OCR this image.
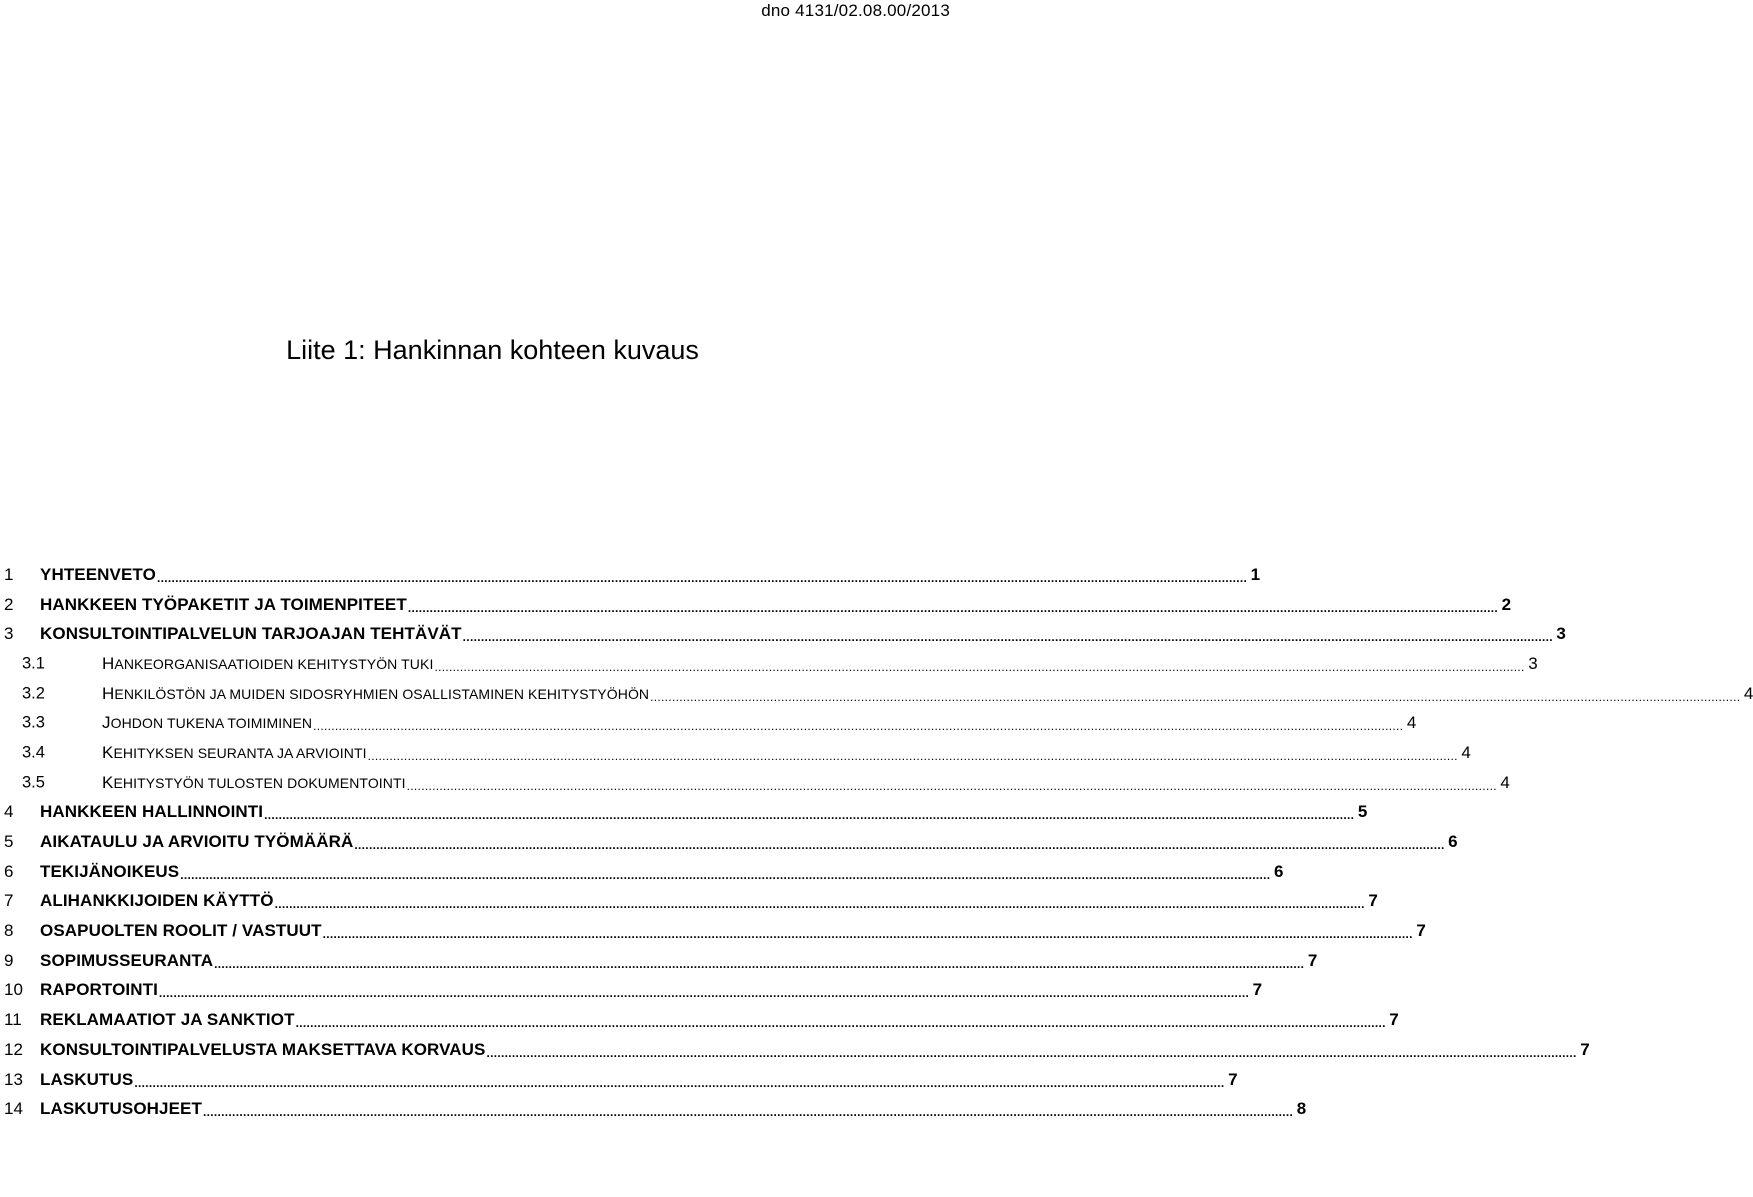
dno 4131/02.08.00/2013
Liite 1: Hankinnan kohteen kuvaus
1 YHTEENVETO ............................................................................................................................................................................................................................................................................................................ 1
2 HANKKEEN TYÖPAKETIT JA TOIMENPITEET ............................................................................................................................................................................................................................................................................................................ 2
3 KONSULTOINTIPALVELUN TARJOAJAN TEHTÄVÄT ............................................................................................................................................................................................................................................................................................................ 3
3.1	HANKEORGANISAATIOIDEN KEHITYSTYÖN TUKI ............................................................................................................................................................................................................................................................................................................ 3
3.2	HENKILÖSTÖN JA MUIDEN SIDOSRYHMIEN OSALLISTAMINEN KEHITYSTYÖHÖN ............................................................................................................................................................................................................................................................................................................ 4
3.3	JOHDON TUKENA TOIMIMINEN ............................................................................................................................................................................................................................................................................................................ 4
3.4	KEHITYKSEN SEURANTA JA ARVIOINTI ............................................................................................................................................................................................................................................................................................................ 4
3.5	KEHITYSTYÖN TULOSTEN DOKUMENTOINTI ............................................................................................................................................................................................................................................................................................................ 4
4 HANKKEEN HALLINNOINTI ............................................................................................................................................................................................................................................................................................................ 5
5 AIKATAULU JA ARVIOITU TYÖMÄÄRÄ ............................................................................................................................................................................................................................................................................................................ 6
6 TEKIJÄNOIKEUS ............................................................................................................................................................................................................................................................................................................ 6
7 ALIHANKKIJOIDEN KÄYTTÖ ............................................................................................................................................................................................................................................................................................................ 7
8 OSAPUOLTEN ROOLIT / VASTUUT ............................................................................................................................................................................................................................................................................................................ 7
9 SOPIMUSSEURANTA ............................................................................................................................................................................................................................................................................................................ 7
10 RAPORTOINTI ............................................................................................................................................................................................................................................................................................................ 7
11 REKLAMAATIOT JA SANKTIOT ............................................................................................................................................................................................................................................................................................................ 7
12 KONSULTOINTIPALVELUSTA MAKSETTAVA KORVAUS ............................................................................................................................................................................................................................................................................................................ 7
13 LASKUTUS ............................................................................................................................................................................................................................................................................................................ 7
14 LASKUTUSOHJEET ............................................................................................................................................................................................................................................................................................................ 8
